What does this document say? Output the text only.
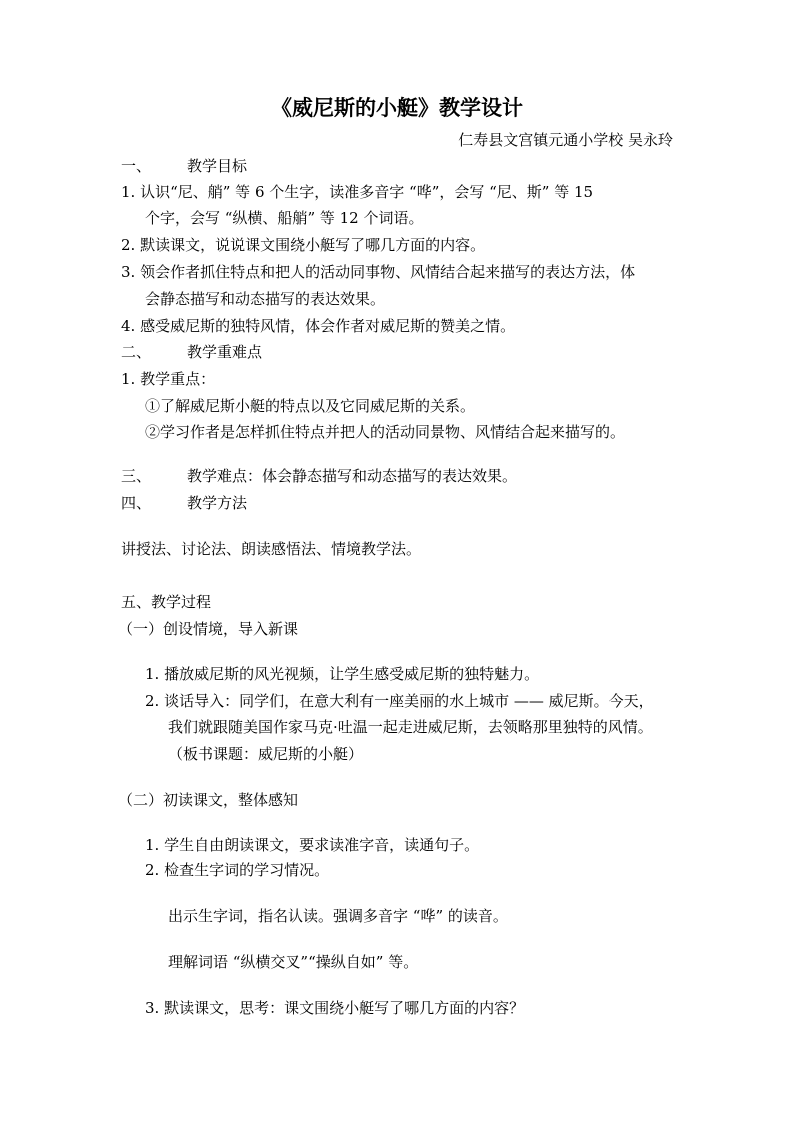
《威尼斯的小艇》教学设计
仁寿县文宫镇元通小学校 吴永玲
一、 教学目标
1. 认识“尼、艄” 等 6 个生字，读准多音字 “哗”，会写 “尼、斯” 等 15
个字，会写 “纵横、船艄” 等 12 个词语。
2. 默读课文，说说课文围绕小艇写了哪几方面的内容。
3. 领会作者抓住特点和把人的活动同事物、风情结合起来描写的表达方法，体
会静态描写和动态描写的表达效果。
4. 感受威尼斯的独特风情，体会作者对威尼斯的赞美之情。
二、 教学重难点
1. 教学重点：
①了解威尼斯小艇的特点以及它同威尼斯的关系。
②学习作者是怎样抓住特点并把人的活动同景物、风情结合起来描写的。
三、 教学难点：体会静态描写和动态描写的表达效果。
四、 教学方法
讲授法、讨论法、朗读感悟法、情境教学法。
五、教学过程
（一）创设情境，导入新课
1. 播放威尼斯的风光视频，让学生感受威尼斯的独特魅力。
2. 谈话导入：同学们，在意大利有一座美丽的水上城市 —— 威尼斯。今天，
我们就跟随美国作家马克·吐温一起走进威尼斯，去领略那里独特的风情。
（板书课题：威尼斯的小艇）
（二）初读课文，整体感知
1. 学生自由朗读课文，要求读准字音，读通句子。
2. 检查生字词的学习情况。
出示生字词，指名认读。强调多音字 “哗” 的读音。
理解词语 “纵横交叉”“操纵自如” 等。
3. 默读课文，思考：课文围绕小艇写了哪几方面的内容？
